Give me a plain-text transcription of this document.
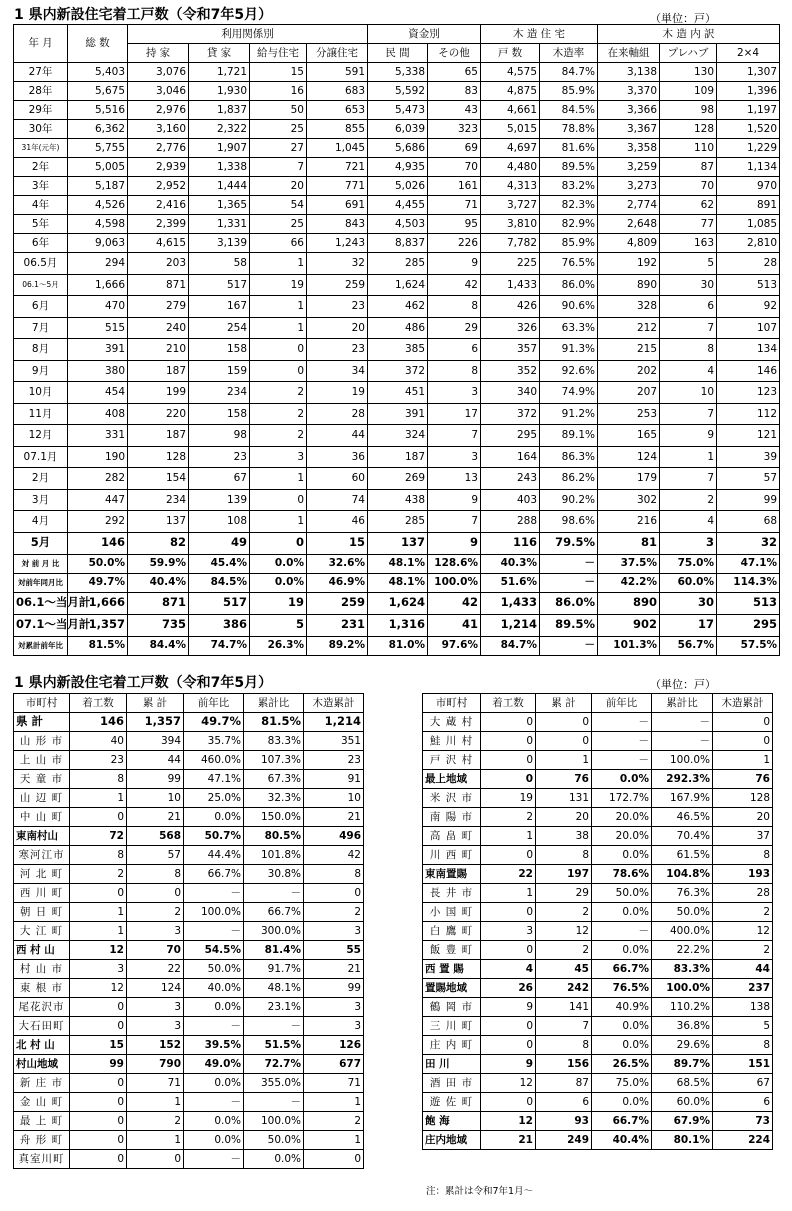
1 県内新設住宅着工戸数（令和7年5月）	（単位：戸）
年 月	総 数	利用関係別				資金別		木 造 住 宅		木 造 内 訳		
		持 家	貸 家	給与住宅	分譲住宅	民 間	その他	戸 数	木造率	在来軸組	プレハブ	2×4
27年	5,403	3,076	1,721	15	591	5,338	65	4,575	84.7%	3,138	130	1,307
28年	5,675	3,046	1,930	16	683	5,592	83	4,875	85.9%	3,370	109	1,396
29年	5,516	2,976	1,837	50	653	5,473	43	4,661	84.5%	3,366	98	1,197
30年	6,362	3,160	2,322	25	855	6,039	323	5,015	78.8%	3,367	128	1,520
31年(元年)	5,755	2,776	1,907	27	1,045	5,686	69	4,697	81.6%	3,358	110	1,229
2年	5,005	2,939	1,338	7	721	4,935	70	4,480	89.5%	3,259	87	1,134
3年	5,187	2,952	1,444	20	771	5,026	161	4,313	83.2%	3,273	70	970
4年	4,526	2,416	1,365	54	691	4,455	71	3,727	82.3%	2,774	62	891
5年	4,598	2,399	1,331	25	843	4,503	95	3,810	82.9%	2,648	77	1,085
6年	9,063	4,615	3,139	66	1,243	8,837	226	7,782	85.9%	4,809	163	2,810
06.5月	294	203	58	1	32	285	9	225	76.5%	192	5	28
06.1～5月	1,666	871	517	19	259	1,624	42	1,433	86.0%	890	30	513
6月	470	279	167	1	23	462	8	426	90.6%	328	6	92
7月	515	240	254	1	20	486	29	326	63.3%	212	7	107
8月	391	210	158	0	23	385	6	357	91.3%	215	8	134
9月	380	187	159	0	34	372	8	352	92.6%	202	4	146
10月	454	199	234	2	19	451	3	340	74.9%	207	10	123
11月	408	220	158	2	28	391	17	372	91.2%	253	7	112
12月	331	187	98	2	44	324	7	295	89.1%	165	9	121
07.1月	190	128	23	3	36	187	3	164	86.3%	124	1	39
2月	282	154	67	1	60	269	13	243	86.2%	179	7	57
3月	447	234	139	0	74	438	9	403	90.2%	302	2	99
4月	292	137	108	1	46	285	7	288	98.6%	216	4	68
5月	146	82	49	0	15	137	9	116	79.5%	81	3	32
対 前 月 比	50.0%	59.9%	45.4%	0.0%	32.6%	48.1%	128.6%	40.3%	－	37.5%	75.0%	47.1%
対前年同月比	49.7%	40.4%	84.5%	0.0%	46.9%	48.1%	100.0%	51.6%	－	42.2%	60.0%	114.3%
06.1～当月計	1,666	871	517	19	259	1,624	42	1,433	86.0%	890	30	513
07.1～当月計	1,357	735	386	5	231	1,316	41	1,214	89.5%	902	17	295
対累計前年比	81.5%	84.4%	74.7%	26.3%	89.2%	81.0%	97.6%	84.7%	－	101.3%	56.7%	57.5%
1 県内新設住宅着工戸数（令和7年5月）	（単位：戸）
市町村	着工数	累 計	前年比	累計比	木造累計
県 計	146	1,357	49.7%	81.5%	1,214
山 形 市	40	394	35.7%	83.3%	351
上 山 市	23	44	460.0%	107.3%	23
天 童 市	8	99	47.1%	67.3%	91
山 辺 町	1	10	25.0%	32.3%	10
中 山 町	0	21	0.0%	150.0%	21
東南村山	72	568	50.7%	80.5%	496
寒河江市	8	57	44.4%	101.8%	42
河 北 町	2	8	66.7%	30.8%	8
西 川 町	0	0	－	－	0
朝 日 町	1	2	100.0%	66.7%	2
大 江 町	1	3	－	300.0%	3
西 村 山	12	70	54.5%	81.4%	55
村 山 市	3	22	50.0%	91.7%	21
東 根 市	12	124	40.0%	48.1%	99
尾花沢市	0	3	0.0%	23.1%	3
大石田町	0	3	－	－	3
北 村 山	15	152	39.5%	51.5%	126
村山地域	99	790	49.0%	72.7%	677
新 庄 市	0	71	0.0%	355.0%	71
金 山 町	0	1	－	－	1
最 上 町	0	2	0.0%	100.0%	2
舟 形 町	0	1	0.0%	50.0%	1
真室川町	0	0	－	0.0%	0
市町村	着工数	累 計	前年比	累計比	木造累計
大 蔵 村	0	0	－	－	0
鮭 川 村	0	0	－	－	0
戸 沢 村	0	1	－	100.0%	1
最上地域	0	76	0.0%	292.3%	76
米 沢 市	19	131	172.7%	167.9%	128
南 陽 市	2	20	20.0%	46.5%	20
高 畠 町	1	38	20.0%	70.4%	37
川 西 町	0	8	0.0%	61.5%	8
東南置賜	22	197	78.6%	104.8%	193
長 井 市	1	29	50.0%	76.3%	28
小 国 町	0	2	0.0%	50.0%	2
白 鷹 町	3	12	－	400.0%	12
飯 豊 町	0	2	0.0%	22.2%	2
西 置 賜	4	45	66.7%	83.3%	44
置賜地域	26	242	76.5%	100.0%	237
鶴 岡 市	9	141	40.9%	110.2%	138
三 川 町	0	7	0.0%	36.8%	5
庄 内 町	0	8	0.0%	29.6%	8
田 川	9	156	26.5%	89.7%	151
酒 田 市	12	87	75.0%	68.5%	67
遊 佐 町	0	6	0.0%	60.0%	6
飽 海	12	93	66.7%	67.9%	73
庄内地域	21	249	40.4%	80.1%	224
注：累計は令和7年1月～
